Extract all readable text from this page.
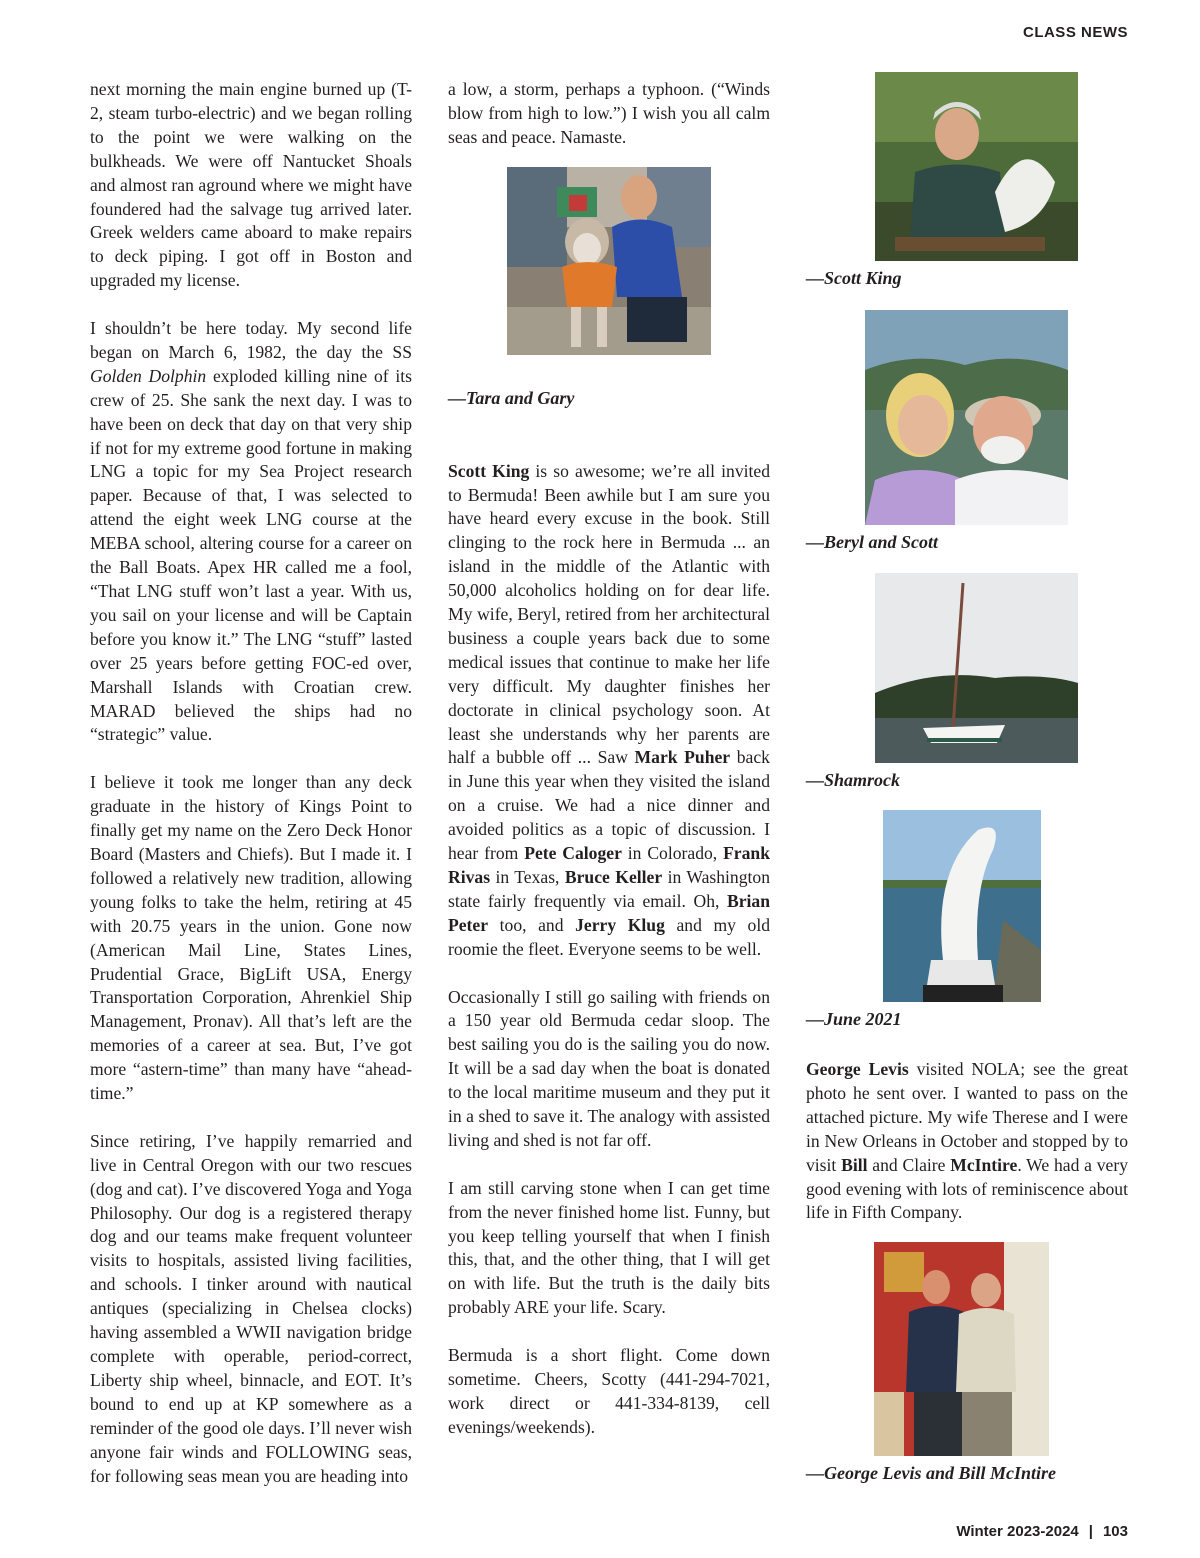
CLASS NEWS

next morning the main engine burned up (T-2, steam turbo-electric) and we began rolling to the point we were walking on the bulkheads. We were off Nantucket Shoals and almost ran aground where we might have foundered had the salvage tug arrived later. Greek welders came aboard to make repairs to deck piping. I got off in Boston and upgraded my license.

I shouldn’t be here today. My second life began on March 6, 1982, the day the SS Golden Dolphin exploded killing nine of its crew of 25. She sank the next day. I was to have been on deck that day on that very ship if not for my extreme good fortune in making LNG a topic for my Sea Project research paper. Because of that, I was selected to attend the eight week LNG course at the MEBA school, altering course for a career on the Ball Boats. Apex HR called me a fool, “That LNG stuff won’t last a year. With us, you sail on your license and will be Captain before you know it.” The LNG “stuff” lasted over 25 years before getting FOC-ed over, Marshall Islands with Croatian crew. MARAD believed the ships had no “strategic” value.

I believe it took me longer than any deck graduate in the history of Kings Point to finally get my name on the Zero Deck Honor Board (Masters and Chiefs). But I made it. I followed a relatively new tradition, allowing young folks to take the helm, retiring at 45 with 20.75 years in the union. Gone now (American Mail Line, States Lines, Prudential Grace, BigLift USA, Energy Transportation Corporation, Ahrenkiel Ship Management, Pronav). All that’s left are the memories of a career at sea. But, I’ve got more “astern-time” than many have “ahead-time.”

Since retiring, I’ve happily remarried and live in Central Oregon with our two rescues (dog and cat). I’ve discovered Yoga and Yoga Philosophy. Our dog is a registered therapy dog and our teams make frequent volunteer visits to hospitals, assisted living facilities, and schools. I tinker around with nautical antiques (specializing in Chelsea clocks) having assembled a WWII navigation bridge complete with operable, period-correct, Liberty ship wheel, binnacle, and EOT. It’s bound to end up at KP somewhere as a reminder of the good ole days. I’ll never wish anyone fair winds and FOLLOWING seas, for following seas mean you are heading into

a low, a storm, perhaps a typhoon. (“Winds blow from high to low.”) I wish you all calm seas and peace. Namaste.

Scott King is so awesome; we’re all invited to Bermuda! Been awhile but I am sure you have heard every excuse in the book. Still clinging to the rock here in Bermuda ... an island in the middle of the Atlantic with 50,000 alcoholics holding on for dear life. My wife, Beryl, retired from her architectural business a couple years back due to some medical issues that continue to make her life very difficult. My daughter finishes her doctorate in clinical psychology soon. At least she understands why her parents are half a bubble off ... Saw Mark Puher back in June this year when they visited the island on a cruise. We had a nice dinner and avoided politics as a topic of discussion. I hear from Pete Caloger in Colorado, Frank Rivas in Texas, Bruce Keller in Washington state fairly frequently via email. Oh, Brian Peter too, and Jerry Klug and my old roomie the fleet. Everyone seems to be well.

Occasionally I still go sailing with friends on a 150 year old Bermuda cedar sloop. The best sailing you do is the sailing you do now. It will be a sad day when the boat is donated to the local maritime museum and they put it in a shed to save it. The analogy with assisted living and shed is not far off.

I am still carving stone when I can get time from the never finished home list. Funny, but you keep telling yourself that when I finish this, that, and the other thing, that I will get on with life. But the truth is the daily bits probably ARE your life. Scary.

Bermuda is a short flight. Come down sometime. Cheers, Scotty (441-294-7021, work direct or 441-334-8139, cell evenings/weekends).

—Tara and Gary
—Scott King
—Beryl and Scott
—Shamrock
—June 2021

George Levis visited NOLA; see the great photo he sent over. I wanted to pass on the attached picture. My wife Therese and I were in New Orleans in October and stopped by to visit Bill and Claire McIntire. We had a very good evening with lots of reminiscence about life in Fifth Company.

—George Levis and Bill McIntire
Winter 2023-2024 | 103
